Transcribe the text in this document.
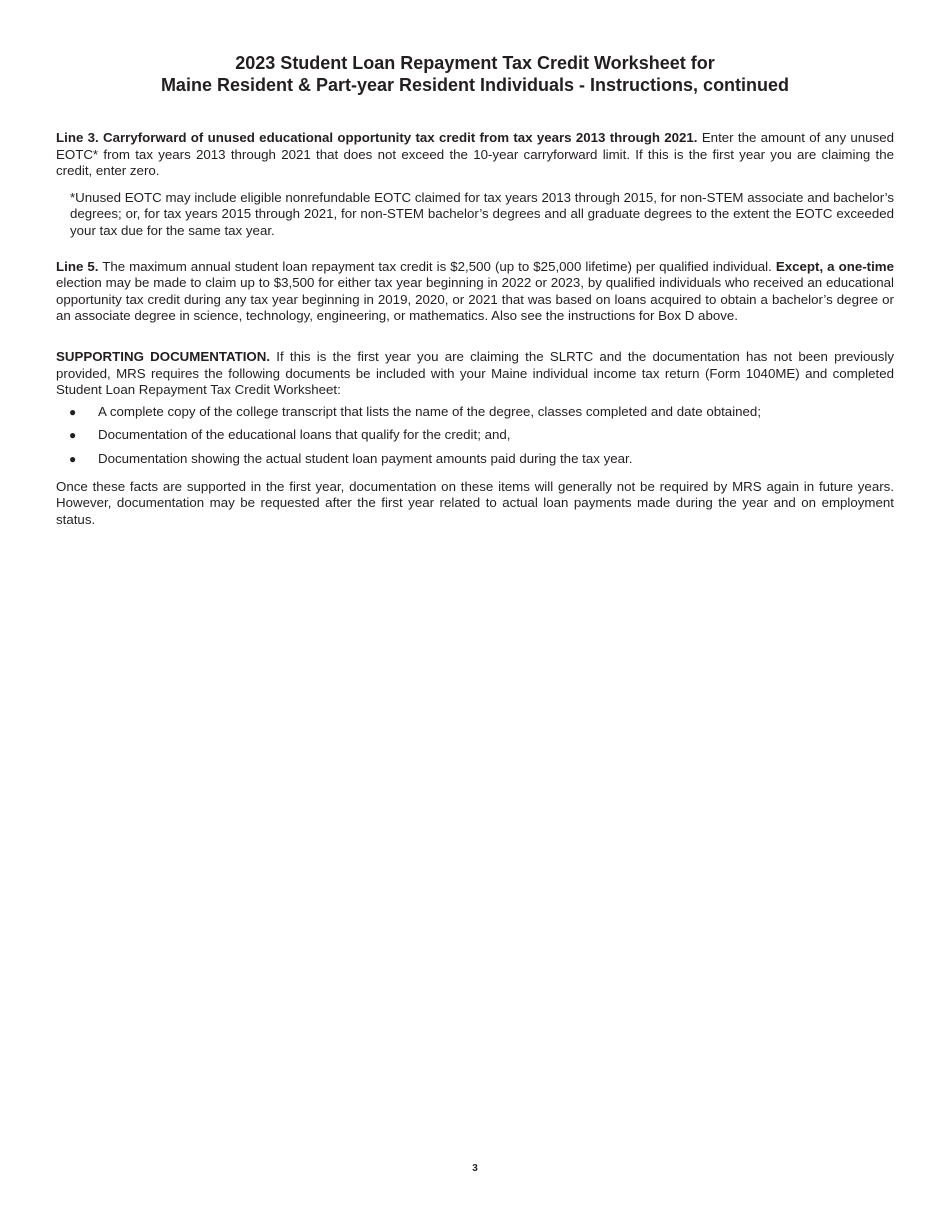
2023 Student Loan Repayment Tax Credit Worksheet for
Maine Resident & Part-year Resident Individuals - Instructions, continued

Line 3. Carryforward of unused educational opportunity tax credit from tax years 2013 through 2021. Enter the amount of any unused EOTC* from tax years 2013 through 2021 that does not exceed the 10-year carryforward limit. If this is the first year you are claiming the credit, enter zero.

*Unused EOTC may include eligible nonrefundable EOTC claimed for tax years 2013 through 2015, for non-STEM associate and bachelor’s degrees; or, for tax years 2015 through 2021, for non-STEM bachelor’s degrees and all graduate degrees to the extent the EOTC exceeded your tax due for the same tax year.

Line 5. The maximum annual student loan repayment tax credit is $2,500 (up to $25,000 lifetime) per qualified individual. Except, a one-time election may be made to claim up to $3,500 for either tax year beginning in 2022 or 2023, by qualified individuals who received an educational opportunity tax credit during any tax year beginning in 2019, 2020, or 2021 that was based on loans acquired to obtain a bachelor’s degree or an associate degree in science, technology, engineering, or mathematics. Also see the instructions for Box D above.

SUPPORTING DOCUMENTATION. If this is the first year you are claiming the SLRTC and the documentation has not been previously provided, MRS requires the following documents be included with your Maine individual income tax return (Form 1040ME) and completed Student Loan Repayment Tax Credit Worksheet:

● A complete copy of the college transcript that lists the name of the degree, classes completed and date obtained;
● Documentation of the educational loans that qualify for the credit; and,
● Documentation showing the actual student loan payment amounts paid during the tax year.

Once these facts are supported in the first year, documentation on these items will generally not be required by MRS again in future years. However, documentation may be requested after the first year related to actual loan payments made during the year and on employment status.

3
